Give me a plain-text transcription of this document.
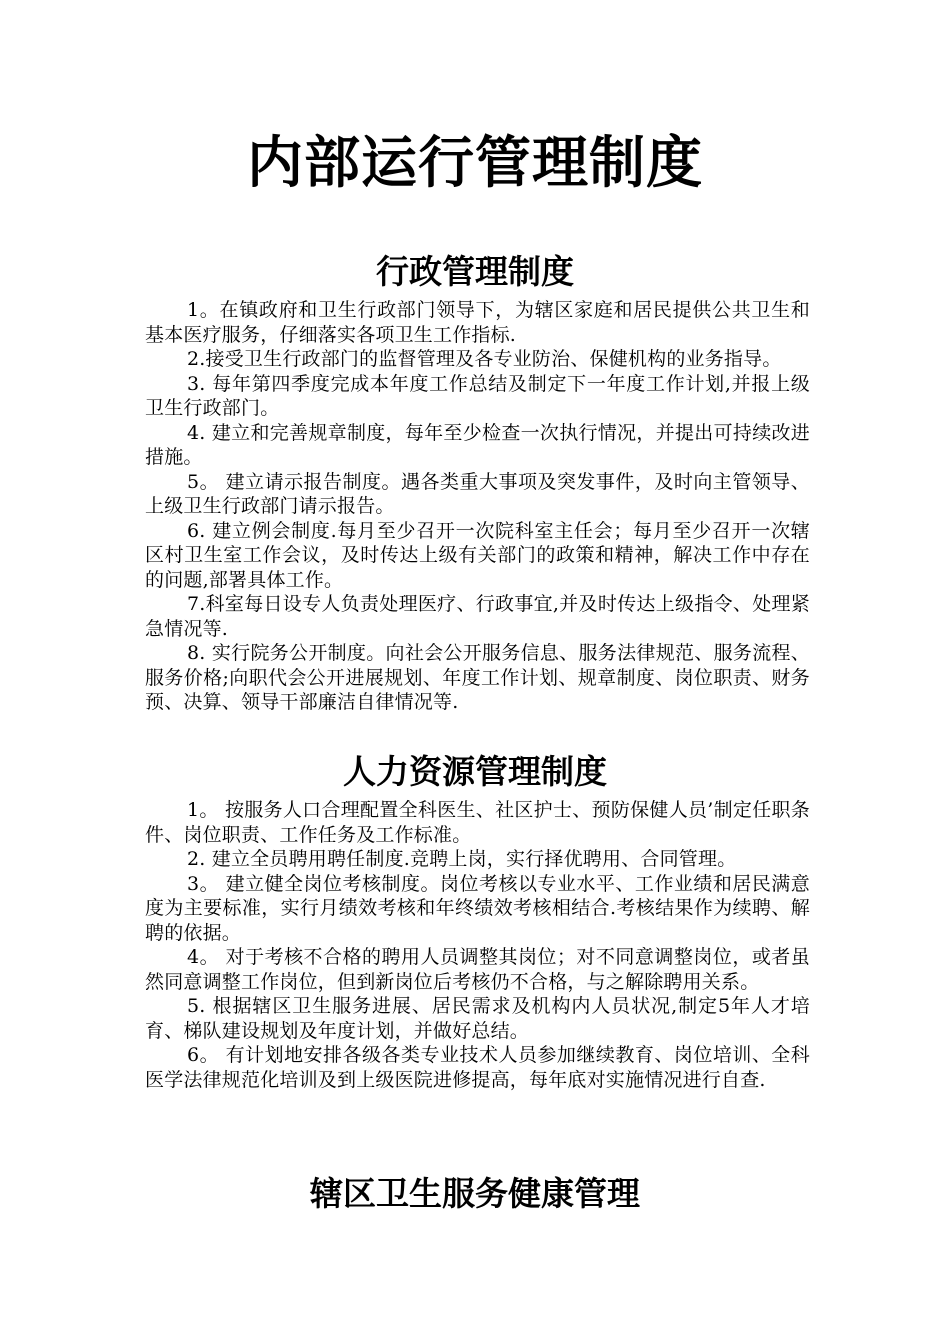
内部运行管理制度
行政管理制度

1。在镇政府和卫生行政部门领导下，为辖区家庭和居民提供公共卫生和基本医疗服务，仔细落实各项卫生工作指标.

2.接受卫生行政部门的监督管理及各专业防治、保健机构的业务指导。

3. 每年第四季度完成本年度工作总结及制定下一年度工作计划,并报上级卫生行政部门。

4. 建立和完善规章制度，每年至少检查一次执行情况，并提出可持续改进措施。

5。 建立请示报告制度。遇各类重大事项及突发事件，及时向主管领导、上级卫生行政部门请示报告。

6. 建立例会制度.每月至少召开一次院科室主任会；每月至少召开一次辖区村卫生室工作会议，及时传达上级有关部门的政策和精神，解决工作中存在的问题,部署具体工作。

7.科室每日设专人负责处理医疗、行政事宜,并及时传达上级指令、处理紧急情况等.

8. 实行院务公开制度。向社会公开服务信息、服务法律规范、服务流程、服务价格;向职代会公开进展规划、年度工作计划、规章制度、岗位职责、财务预、决算、领导干部廉洁自律情况等.

人力资源管理制度

1。 按服务人口合理配置全科医生、社区护士、预防保健人员’制定任职条件、岗位职责、工作任务及工作标准。

2. 建立全员聘用聘任制度.竞聘上岗，实行择优聘用、合同管理。

3。 建立健全岗位考核制度。岗位考核以专业水平、工作业绩和居民满意度为主要标准，实行月绩效考核和年终绩效考核相结合.考核结果作为续聘、解聘的依据。

4。 对于考核不合格的聘用人员调整其岗位；对不同意调整岗位，或者虽然同意调整工作岗位，但到新岗位后考核仍不合格，与之解除聘用关系。

5. 根据辖区卫生服务进展、居民需求及机构内人员状况,制定5年人才培育、梯队建设规划及年度计划，并做好总结。

6。 有计划地安排各级各类专业技术人员参加继续教育、岗位培训、全科医学法律规范化培训及到上级医院进修提高，每年底对实施情况进行自查.

辖区卫生服务健康管理
